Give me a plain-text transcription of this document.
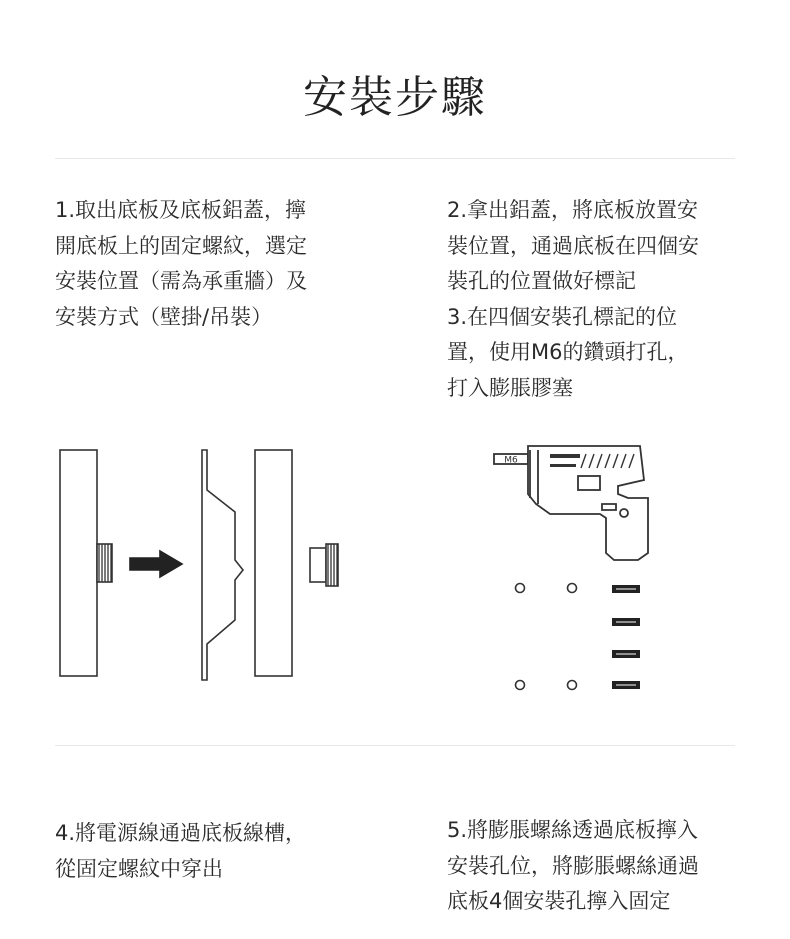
安裝步驟

1.取出底板及底板鋁蓋，擰
開底板上的固定螺紋，選定
安裝位置（需為承重牆）及
安裝方式（壁掛/吊裝）

2.拿出鋁蓋，將底板放置安
裝位置，通過底板在四個安
裝孔的位置做好標記

3.在四個安裝孔標記的位
置，使用M6的鑽頭打孔，
打入膨脹膠塞

M6

4.將電源線通過底板線槽，
從固定螺紋中穿出

5.將膨脹螺絲透過底板擰入
安裝孔位，將膨脹螺絲通過
底板4個安裝孔擰入固定
